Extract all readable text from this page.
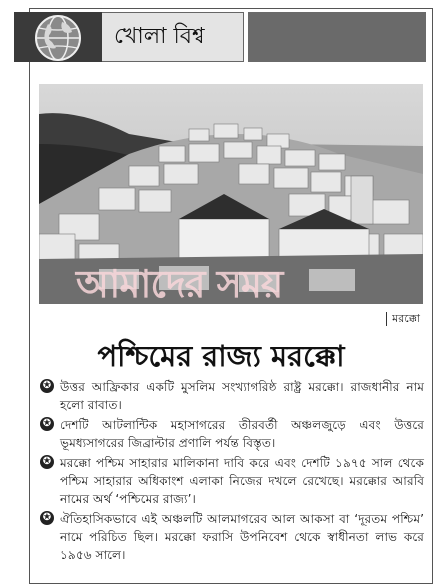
খোলা বিশ্ব
আমাদের সময়
মরক্কো
পশ্চিমের রাজ্য মরক্কো
✪ উত্তর আফ্রিকার একটি মুসলিম সংখ্যাগরিষ্ঠ রাষ্ট্র মরক্কো। রাজধানীর নাম হলো রাবাত।
✪ দেশটি আটলান্টিক মহাসাগরের তীরবর্তী অঞ্চলজুড়ে এবং উত্তরে ভূমধ্যসাগরের জিব্রাল্টার প্রণালি পর্যন্ত বিস্তৃত।
✪ মরক্কো পশ্চিম সাহারার মালিকানা দাবি করে এবং দেশটি ১৯৭৫ সাল থেকে পশ্চিম সাহারার অধিকাংশ এলাকা নিজের দখলে রেখেছে। মরক্কোর আরবি নামের অর্থ ‘পশ্চিমের রাজ্য’।
✪ ঐতিহাসিকভাবে এই অঞ্চলটি আলমাগরেব আল আকসা বা ‘দূরতম পশ্চিম’ নামে পরিচিত ছিল। মরক্কো ফরাসি উপনিবেশ থেকে স্বাধীনতা লাভ করে ১৯৫৬ সালে।
